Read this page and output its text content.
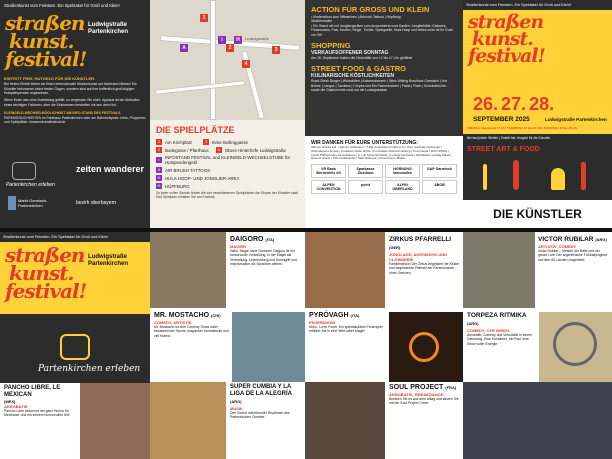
Straßenkunst vom Feinsten. Ein Spektakel für Groß und Klein!
straßen
kunst.
festival!
Ludwigstraße
Partenkirchen
EINTRITT FREI: HUTGELD FÜR DIE KÜNSTLER.
Bei freiem Eintritt bieten wir Ihnen internationale Straßenkunst auf höchstem Niveau! Die Künstler bekommen keine festen Gagen, sondern sind auf Ihre hoffentlich großzügigen Hutspielspenden angewiesen.
Wenn Ihnen also eine Darbietung gefällt, so vergessen Sie nicht: Applaus ist der Aktionäre eines wichtigen Faktoren, aber die Einkommen bestreiten sie aus dem Hut.
KLEINGELD-WECHSELMÖGLICHKEIT AM INFO-STAND DES FESTIVALS.
PARKMÖGLICHKEITEN im Parkhaus Partenkirchen oder am Bahnhofsplatz. Infos, Programm und Spielplätze: strassenkunstfestival.de
Partenkirchen erleben
zeiten wanderer
Markt Garmisch-Partenkirchen	bezirk oberbayern
Ludwigstraße
1
2	3
4
i
A
H
DIE SPIELPLÄTZE
1	Am Kirchplatz	3	Ecke Bollinggasse
2	Bodegrass / Pfarrhaus	4	Obere Hinterhöfe Ludwigstraße
i	INFOSTAND FESTIVAL und KLEINGELD-WECHSELSTUBE für Hutspendengeld
A	AIR BRUSH TATTOOS
H	HULA HOOP- UND JONGLIER-AREA
H	HÜPFBURG
Zu jeder vollen Stunde finden die vier verschiedenen Spielplätzen die Shows der Künstler statt. Des Spielplan erhalten Sie am Festival.
ACTION FÜR GROSS UND KLEIN
• Kinderzirkus zum Mitmachen | Airbrush-Tattoos | Hüpfburg
Straßenmalen
• Ein Stand mit mit Jongliergeräten zum Ausprobieren und Kaufen: Jonglierbälle, Diabolos, Flowersticks, Pois, Keulen, Ringe, Tücher, Springseile, Hula-Hoop und vieles mehr ist für Euch vor Ort!
SHOPPING
VERKAUFSOFFENER SONNTAG
Am 28. September haben die Geschäfte von 12 bis 17 Uhr geöffnet
STREET FOOD & GASTRO
KULINARISCHE KÖSTLICHKEITEN
Road-Steak Burger | Würschtlen | Kaiserschmarrn | Wein Witting Brauhaus Garmisch | Hot Bohne | Langos | Tacolitos | Crepes und Ein Flammkuchen | Pasta | Fisch | Schokofrüchte...
sowie die Gastronomie rund um die Ludwigstrasse
WIR DANKEN FÜR EURE UNTERSTÜTZUNG:
Alfonso Glocke Ltd. | Jasmin Luftsteiner | T-Bar Acquisition GmbH & Co. KG | Autohaus Ardeinger | Obstcafeteria Amelie | Kreatives Mode Mütze | Immobilien-Nachvermittlung | Kommentar | DGO 25300 | Liquid.Pfaffenhofen-Ferienbäume | F. Luft Schwirtschaften | Ludwig Apotheke | Windfellner Ludwig Mauer | Rosens Calcio | Pels Großhandel | Salk Wittmann | Nixenbruner Miska
VR Bank Werdenfels eG
Sparkasse Oberland
HORNUNG Immobilien
GAP Garmisch
ALPEN CONVENTION
point	ALPIN OBERLAND
ABOB
Straßenkunst vom Feinsten. Ein Spektakel für Groß und Klein!
straßen
kunst.
festival!
26. 27. 28.
SEPTEMBER 2025	Ludwigstraße Partenkirchen
FREITAG Opening ab 17 Uhr | SAMSTAG 13 bis 22 Uhr | SONNTAG 13 bis 18 Uhr
Bei fast jedem Wetter! | Eintritt frei: Hutgeld für die Künstler
STREET ART & FOOD
DIE KÜNSTLER
Straßenkunst vom Feinsten. Ein Spektakel für Groß und Klein!
straßen
kunst.
festival!
Ludwigstraße
Partenkirchen
Partenkirchen erleben
DAIGORO (ITA)
MAGIER
Hallo, Magie ohne Grenzen! Daigoro ist ein humorvoller Vorstellung, in der Magie als Verbindung, Unterhaltung und Kunstgriff und Improvisation als Sprachen dienen.
MR. MOSTACHO (CHI)
COMEDY, ARTISTIK
Mr. Mostacho ist eine Comedy Show voller bezaubernder Stunts, magischer Kunststücke und viel Humor.
SUPER CUMBIA Y LA LIGA DE LA ALEGRÍA (ARG)
MUSIK
Den Sound mitreißender Rhythmen des Partenkirchen Cumbia!
ZIRKUS PFARRELLI (GER)
JONGLAGE, AKROBATIK UND CLOWNERIE
Familienshow! Der Zirkus begeistert die Kinder und begeisterten Pfarrelli am Partenkirchen ohne Grenzen.
PYRÓVAGH (ITA)
FEUERSHOW
Nord-, Licht, Feuer, Ein spektakuläres Feuerspiel entführt Sie in eine Welt voller Magie!
SOUL PROJECT (FRA)
AKROBATIK, BREAKDANCE
Breaken Sie es aus dem Alltag und tanzen Sie mit der Soul Project Crew!
VICTOR RUBILAR (ARG)
ARTISTIK, COMEDY
Victor Rubilar – Meister der Bälle und der ganze Live! Der argentinische Fußballjongleur hat über 60 Ländern begeistert.
TORPEZA RITMIKA (ARG)
COMEDY, CYR WHEEL
Akrobatik, Comedy und Virtuosität in einem Gleichung. Eine Künstlerin, ein Rad, eine Show voller Energie.
PANCHO LIBRE, LE MEXICAN
(MEX)
AKROBATIK
Pancho Libre bekommt der ganz Humor für Mexikaner und mit seinem humorvollen Stil!
